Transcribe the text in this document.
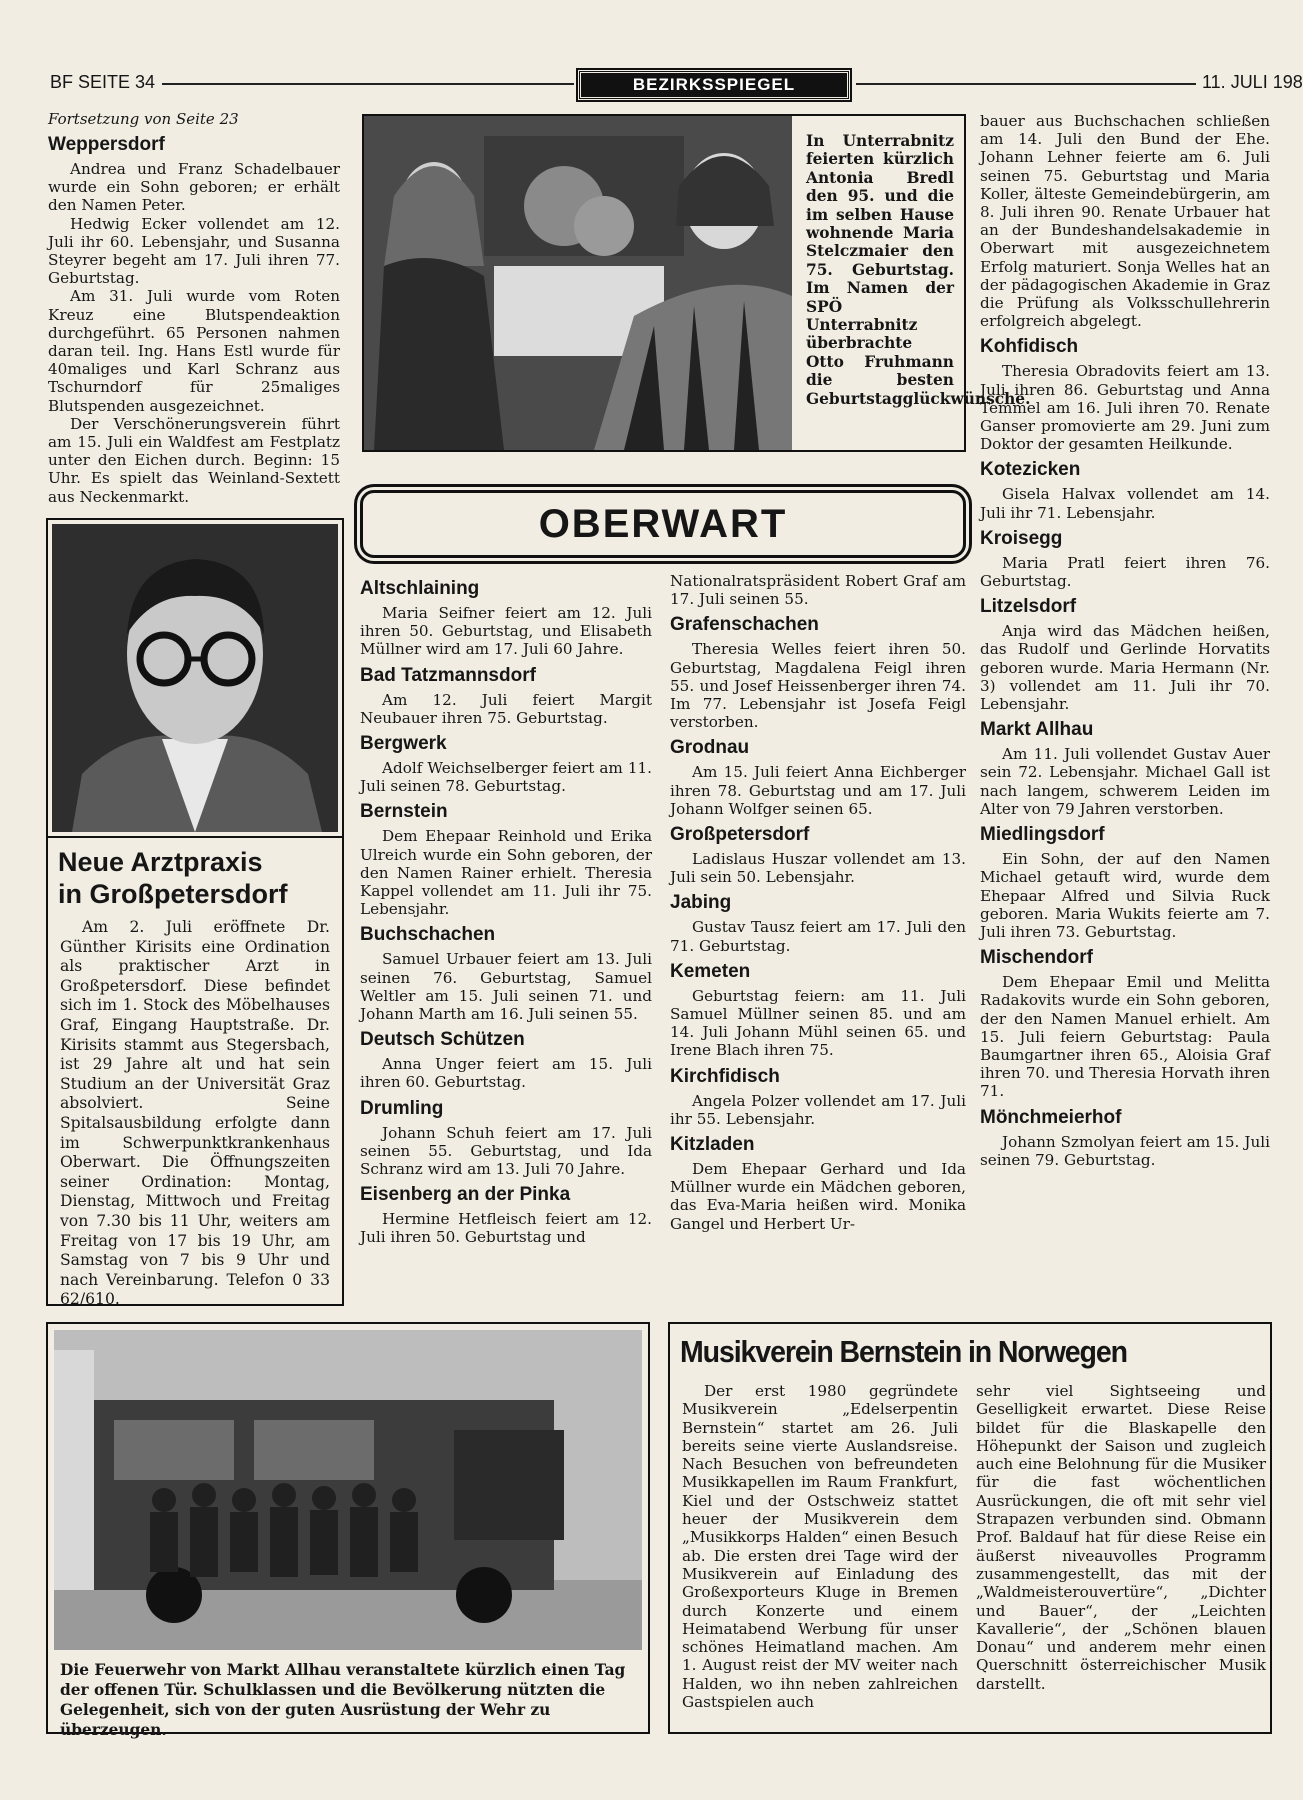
BF SEITE 34	BEZIRKSSPIEGEL	11. JULI 198
Fortsetzung von Seite 23
Weppersdorf

Andrea und Franz Schadelbauer wurde ein Sohn geboren; er erhält den Namen Peter.

Hedwig Ecker vollendet am 12. Juli ihr 60. Lebensjahr, und Susanna Steyrer begeht am 17. Juli ihren 77. Geburtstag.

Am 31. Juli wurde vom Roten Kreuz eine Blutspendeaktion durchgeführt. 65 Personen nahmen daran teil. Ing. Hans Estl wurde für 40maliges und Karl Schranz aus Tschurndorf für 25maliges Blutspenden ausgezeichnet.

Der Verschönerungsverein führt am 15. Juli ein Waldfest am Festplatz unter den Eichen durch. Beginn: 15 Uhr. Es spielt das Weinland-Sextett aus Neckenmarkt.

Neue Arztpraxis
in Großpetersdorf
Am 2. Juli eröffnete Dr. Günther Kirisits eine Ordination als praktischer Arzt in Großpetersdorf. Diese befindet sich im 1. Stock des Möbelhauses Graf, Eingang Hauptstraße. Dr. Kirisits stammt aus Stegersbach, ist 29 Jahre alt und hat sein Studium an der Universität Graz absolviert. Seine Spitalsausbildung erfolgte dann im Schwerpunktkrankenhaus Oberwart. Die Öffnungszeiten seiner Ordination: Montag, Dienstag, Mittwoch und Freitag von 7.30 bis 11 Uhr, weiters am Freitag von 17 bis 19 Uhr, am Samstag von 7 bis 9 Uhr und nach Vereinbarung. Telefon 0 33 62/610.
In Unterrabnitz feierten kürzlich Antonia Bredl den 95. und die im selben Hause wohnende Maria Stelczmaier den 75. Geburtstag. Im Namen der SPÖ Unterrabnitz überbrachte Otto Fruhmann die besten Geburtstagglückwünsche.
OBERWART
Altschlaining
Maria Seifner feiert am 12. Juli ihren 50. Geburtstag, und Elisabeth Müllner wird am 17. Juli 60 Jahre.
Bad Tatzmannsdorf
Am 12. Juli feiert Margit Neubauer ihren 75. Geburtstag.
Bergwerk
Adolf Weichselberger feiert am 11. Juli seinen 78. Geburtstag.
Bernstein
Dem Ehepaar Reinhold und Erika Ulreich wurde ein Sohn geboren, der den Namen Rainer erhielt. Theresia Kappel vollendet am 11. Juli ihr 75. Lebensjahr.
Buchschachen
Samuel Urbauer feiert am 13. Juli seinen 76. Geburtstag, Samuel Weltler am 15. Juli seinen 71. und Johann Marth am 16. Juli seinen 55.
Deutsch Schützen
Anna Unger feiert am 15. Juli ihren 60. Geburtstag.
Drumling
Johann Schuh feiert am 17. Juli seinen 55. Geburtstag, und Ida Schranz wird am 13. Juli 70 Jahre.
Eisenberg an der Pinka
Hermine Hetfleisch feiert am 12. Juli ihren 50. Geburtstag und
Nationalratspräsident Robert Graf am 17. Juli seinen 55.
Grafenschachen
Theresia Welles feiert ihren 50. Geburtstag, Magdalena Feigl ihren 55. und Josef Heissenberger ihren 74. Im 77. Lebensjahr ist Josefa Feigl verstorben.
Grodnau
Am 15. Juli feiert Anna Eichberger ihren 78. Geburtstag und am 17. Juli Johann Wolfger seinen 65.
Großpetersdorf
Ladislaus Huszar vollendet am 13. Juli sein 50. Lebensjahr.
Jabing
Gustav Tausz feiert am 17. Juli den 71. Geburtstag.
Kemeten
Geburtstag feiern: am 11. Juli Samuel Müllner seinen 85. und am 14. Juli Johann Mühl seinen 65. und Irene Blach ihren 75.
Kirchfidisch
Angela Polzer vollendet am 17. Juli ihr 55. Lebensjahr.
Kitzladen
Dem Ehepaar Gerhard und Ida Müllner wurde ein Mädchen geboren, das Eva-Maria heißen wird. Monika Gangel und Herbert Ur-
bauer aus Buchschachen schließen am 14. Juli den Bund der Ehe. Johann Lehner feierte am 6. Juli seinen 75. Geburtstag und Maria Koller, älteste Gemeindebürgerin, am 8. Juli ihren 90. Renate Urbauer hat an der Bundeshandelsakademie in Oberwart mit ausgezeichnetem Erfolg maturiert. Sonja Welles hat an der pädagogischen Akademie in Graz die Prüfung als Volksschullehrerin erfolgreich abgelegt.
Kohfidisch
Theresia Obradovits feiert am 13. Juli ihren 86. Geburtstag und Anna Temmel am 16. Juli ihren 70. Renate Ganser promovierte am 29. Juni zum Doktor der gesamten Heilkunde.
Kotezicken
Gisela Halvax vollendet am 14. Juli ihr 71. Lebensjahr.
Kroisegg
Maria Pratl feiert ihren 76. Geburtstag.
Litzelsdorf
Anja wird das Mädchen heißen, das Rudolf und Gerlinde Horvatits geboren wurde. Maria Hermann (Nr. 3) vollendet am 11. Juli ihr 70. Lebensjahr.
Markt Allhau
Am 11. Juli vollendet Gustav Auer sein 72. Lebensjahr. Michael Gall ist nach langem, schwerem Leiden im Alter von 79 Jahren verstorben.
Miedlingsdorf
Ein Sohn, der auf den Namen Michael getauft wird, wurde dem Ehepaar Alfred und Silvia Ruck geboren. Maria Wukits feierte am 7. Juli ihren 73. Geburtstag.
Mischendorf
Dem Ehepaar Emil und Melitta Radakovits wurde ein Sohn geboren, der den Namen Manuel erhielt. Am 15. Juli feiern Geburtstag: Paula Baumgartner ihren 65., Aloisia Graf ihren 70. und Theresia Horvath ihren 71.
Mönchmeierhof
Johann Szmolyan feiert am 15. Juli seinen 79. Geburtstag.
Die Feuerwehr von Markt Allhau veranstaltete kürzlich einen Tag der offenen Tür. Schulklassen und die Bevölkerung nützten die Gelegenheit, sich von der guten Ausrüstung der Wehr zu überzeugen.
Musikverein Bernstein in Norwegen
Der erst 1980 gegründete Musikverein „Edelserpentin Bernstein“ startet am 26. Juli bereits seine vierte Auslandsreise. Nach Besuchen von befreundeten Musikkapellen im Raum Frankfurt, Kiel und der Ostschweiz stattet heuer der Musikverein dem „Musikkorps Halden“ einen Besuch ab. Die ersten drei Tage wird der Musikverein auf Einladung des Großexporteurs Kluge in Bremen durch Konzerte und einem Heimatabend Werbung für unser schönes Heimatland machen. Am 1. August reist der MV weiter nach Halden, wo ihn neben zahlreichen Gastspielen auch
sehr viel Sightseeing und Geselligkeit erwartet. Diese Reise bildet für die Blaskapelle den Höhepunkt der Saison und zugleich auch eine Belohnung für die Musiker für die fast wöchentlichen Ausrückungen, die oft mit sehr viel Strapazen verbunden sind. Obmann Prof. Baldauf hat für diese Reise ein äußerst niveauvolles Programm zusammengestellt, das mit der „Waldmeisterouvertüre“, „Dichter und Bauer“, der „Leichten Kavallerie“, der „Schönen blauen Donau“ und anderem mehr einen Querschnitt österreichischer Musik darstellt.
